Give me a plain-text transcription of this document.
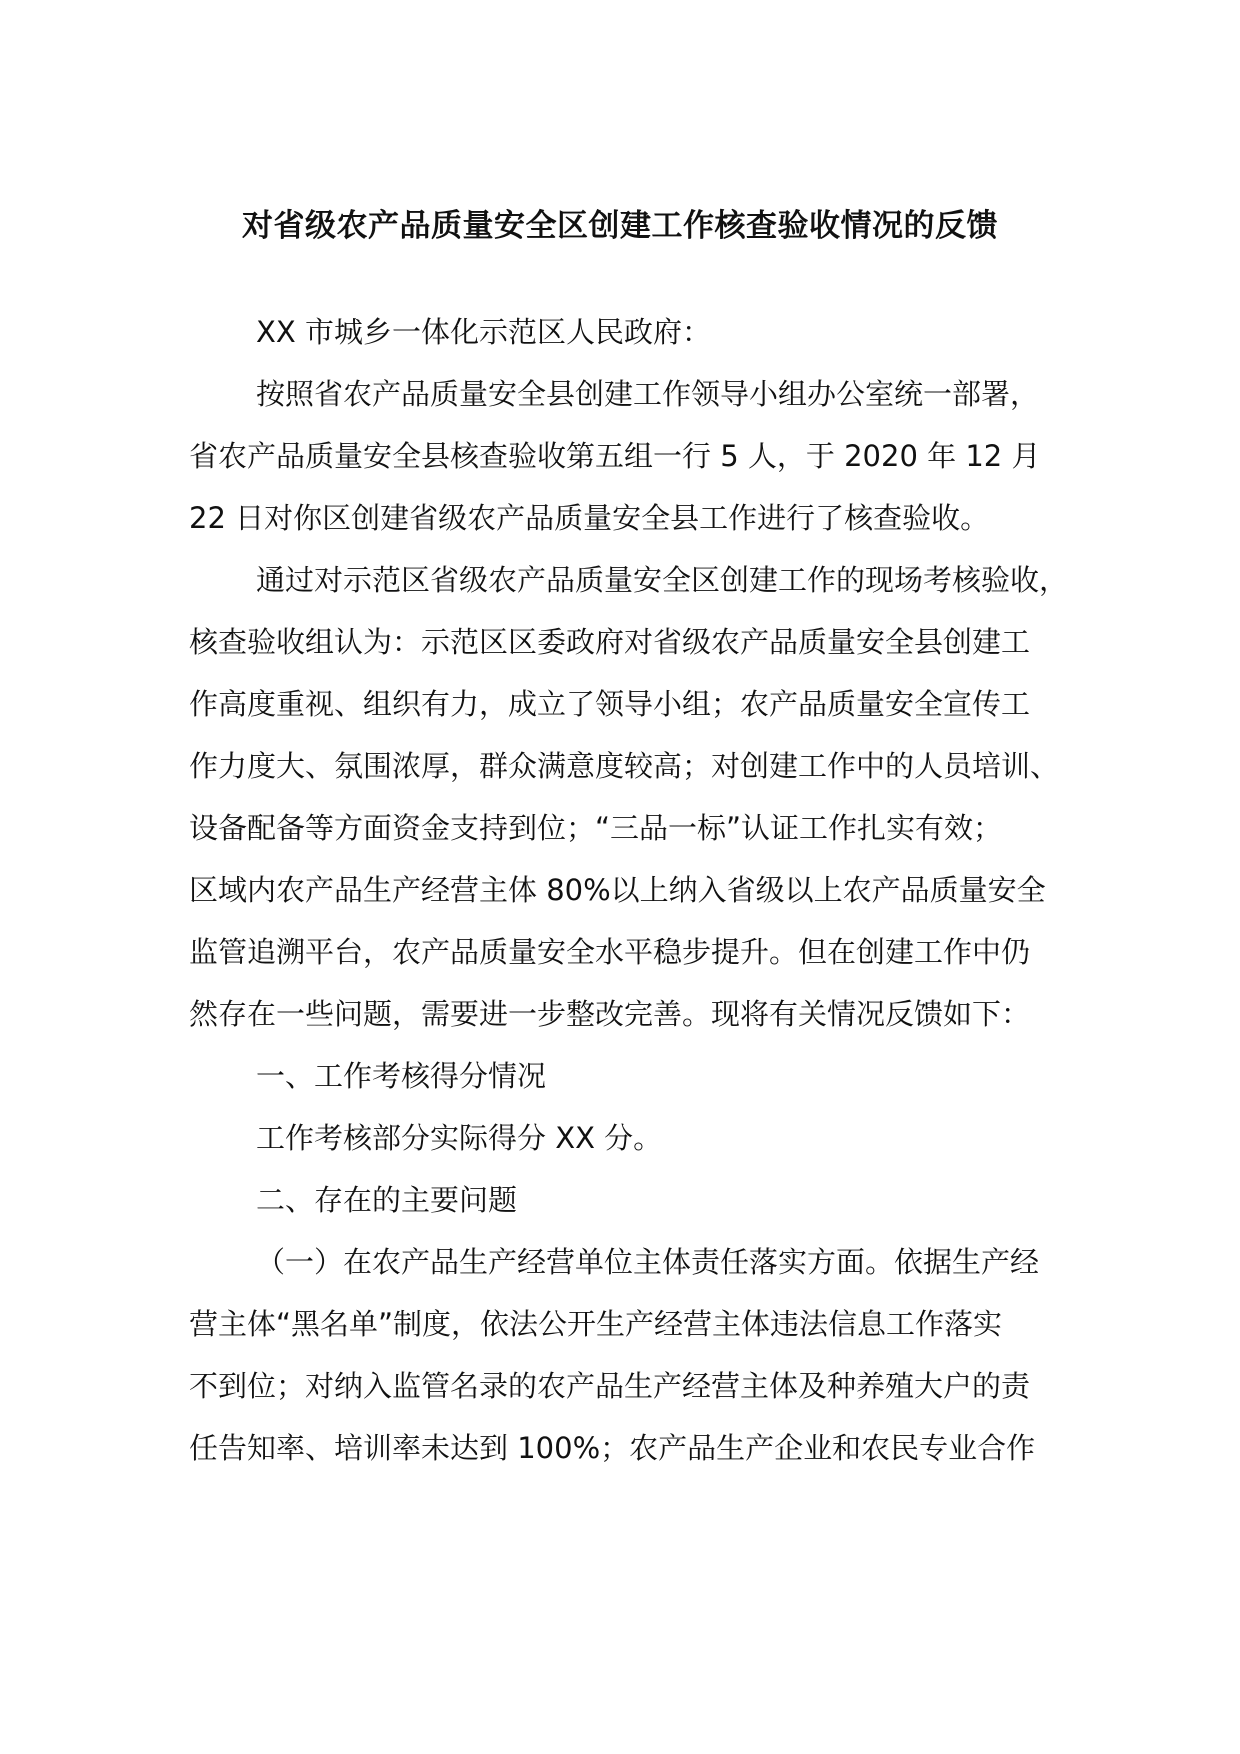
对省级农产品质量安全区创建工作核查验收情况的反馈

XX 市城乡一体化示范区人民政府：

按照省农产品质量安全县创建工作领导小组办公室统一部署，

省农产品质量安全县核查验收第五组一行 5 人，于 2020 年 12 月

22 日对你区创建省级农产品质量安全县工作进行了核查验收。

通过对示范区省级农产品质量安全区创建工作的现场考核验收，

核查验收组认为：示范区区委政府对省级农产品质量安全县创建工

作高度重视、组织有力，成立了领导小组；农产品质量安全宣传工

作力度大、氛围浓厚，群众满意度较高；对创建工作中的人员培训、

设备配备等方面资金支持到位；“三品一标”认证工作扎实有效；

区域内农产品生产经营主体 80%以上纳入省级以上农产品质量安全

监管追溯平台，农产品质量安全水平稳步提升。但在创建工作中仍

然存在一些问题，需要进一步整改完善。现将有关情况反馈如下：

一、工作考核得分情况

工作考核部分实际得分 XX 分。

二、存在的主要问题

（一）在农产品生产经营单位主体责任落实方面。依据生产经

营主体“黑名单”制度，依法公开生产经营主体违法信息工作落实

不到位；对纳入监管名录的农产品生产经营主体及种养殖大户的责

任告知率、培训率未达到 100%；农产品生产企业和农民专业合作
